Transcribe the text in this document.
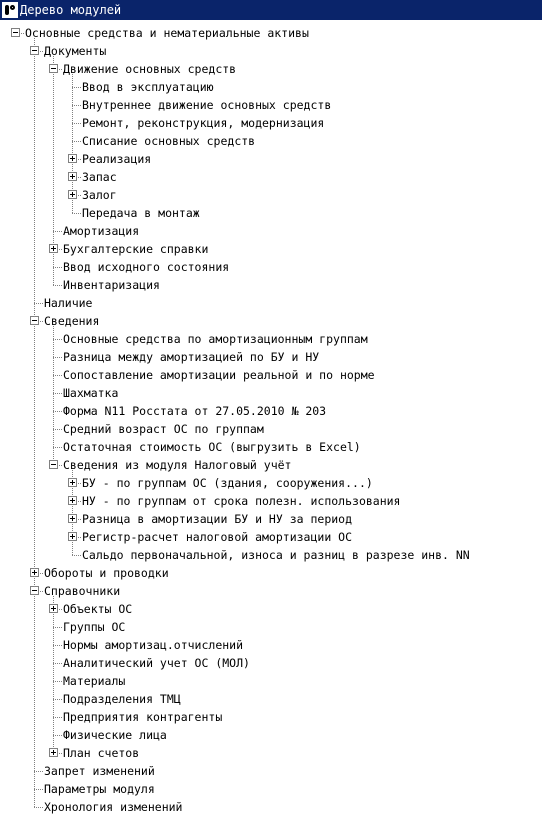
Дерево модулей
Основные средства и нематериальные активы
Документы
Движение основных средств
Ввод в эксплуатацию
Внутреннее движение основных средств
Ремонт, реконструкция, модернизация
Списание основных средств
Реализация
Запас
Залог
Передача в монтаж
Амортизация
Бухгалтерские справки
Ввод исходного состояния
Инвентаризация
Наличие
Сведения
Основные средства по амортизационным группам
Разница между амортизацией по БУ и НУ
Сопоставление амортизации реальной и по норме
Шахматка
Форма N11 Росстата от 27.05.2010 № 203
Средний возраст ОС по группам
Остаточная стоимость ОС (выгрузить в Excel)
Сведения из модуля Налоговый учёт
БУ - по группам ОС (здания, сооружения...)
НУ - по группам от срока полезн. использования
Разница в амортизации БУ и НУ за период
Регистр-расчет налоговой амортизации ОС
Сальдо первоначальной, износа и разниц в разрезе инв. NN
Обороты и проводки
Справочники
Объекты ОС
Группы ОС
Нормы амортизац.отчислений
Аналитический учет ОС (МОЛ)
Материалы
Подразделения ТМЦ
Предприятия контрагенты
Физические лица
План счетов
Запрет изменений
Параметры модуля
Хронология изменений
